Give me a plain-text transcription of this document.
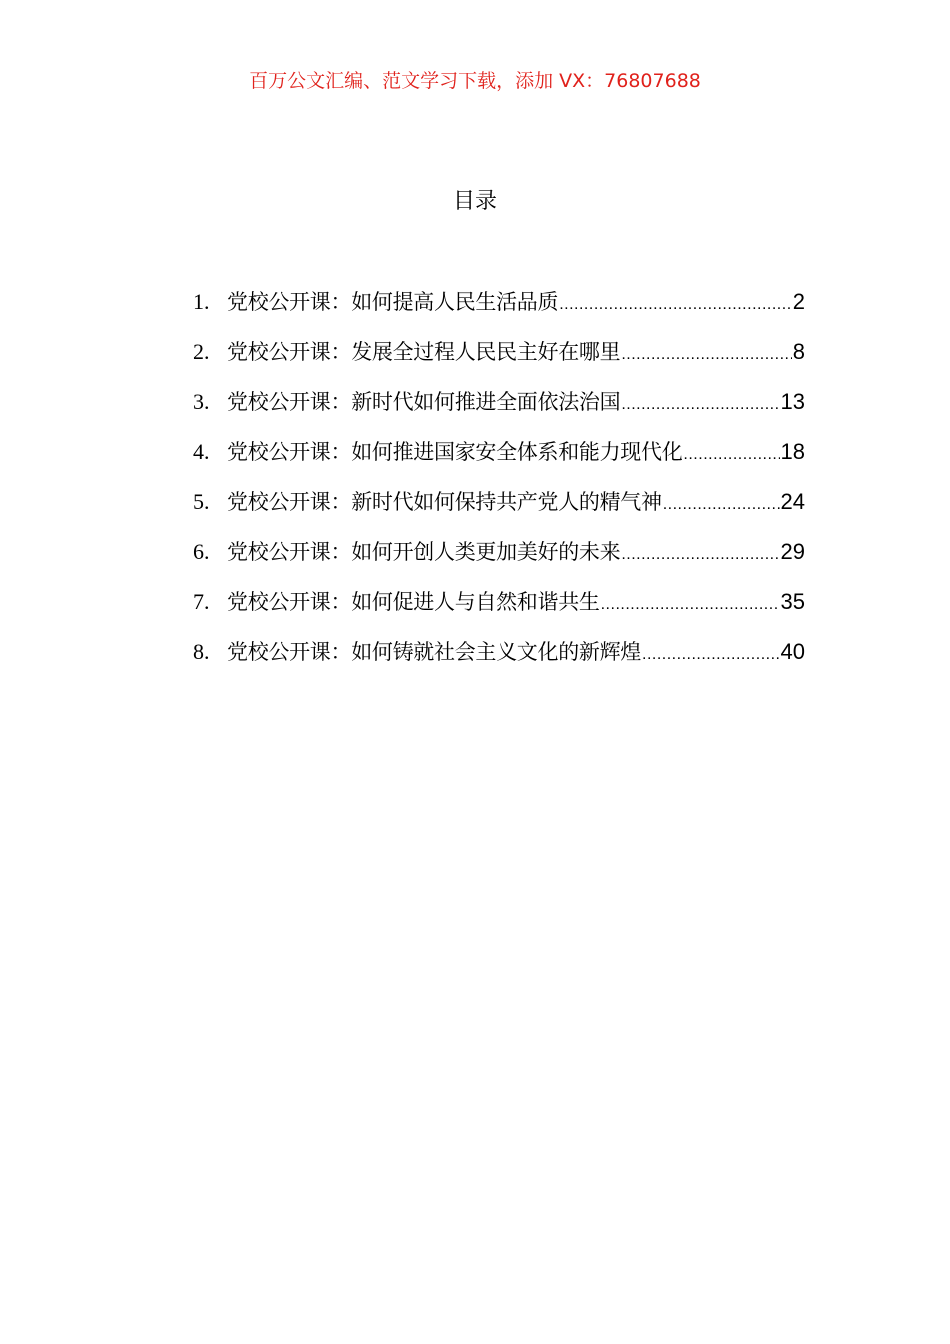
百万公文汇编、范文学习下载，添加 VX：76807688
目录
1. 党校公开课：如何提高人民生活品质 .....	2
2. 党校公开课：发展全过程人民民主好在哪里 .....	8
3. 党校公开课：新时代如何推进全面依法治国 .....	13
4. 党校公开课：如何推进国家安全体系和能力现代化 .....	18
5. 党校公开课：新时代如何保持共产党人的精气神 .....	24
6. 党校公开课：如何开创人类更加美好的未来 .....	29
7. 党校公开课：如何促进人与自然和谐共生 .....	35
8. 党校公开课：如何铸就社会主义文化的新辉煌 .....	40
